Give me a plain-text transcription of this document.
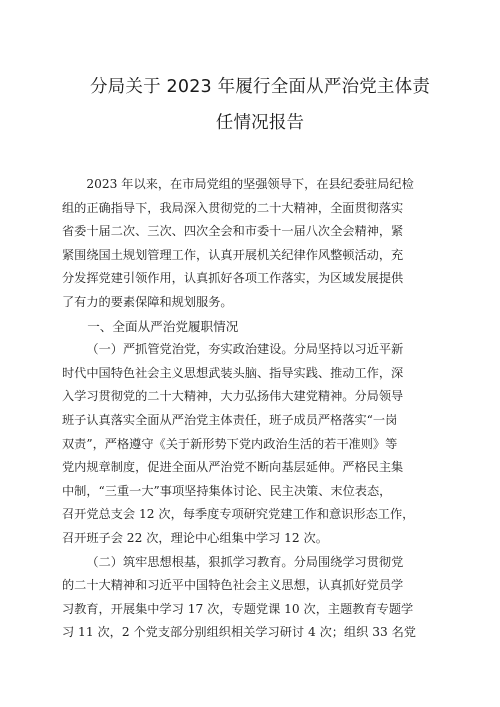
分局关于 2023 年履行全面从严治党主体责
任情况报告
2023 年以来，在市局党组的坚强领导下，在县纪委驻局纪检
组的正确指导下，我局深入贯彻党的二十大精神，全面贯彻落实
省委十届二次、三次、四次全会和市委十一届八次全会精神，紧
紧围绕国土规划管理工作，认真开展机关纪律作风整顿活动，充
分发挥党建引领作用，认真抓好各项工作落实，为区域发展提供
了有力的要素保障和规划服务。
一、全面从严治党履职情况
（一）严抓管党治党，夯实政治建设。分局坚持以习近平新
时代中国特色社会主义思想武装头脑、指导实践、推动工作，深
入学习贯彻党的二十大精神，大力弘扬伟大建党精神。分局领导
班子认真落实全面从严治党主体责任，班子成员严格落实“一岗
双责”，严格遵守《关于新形势下党内政治生活的若干准则》等
党内规章制度，促进全面从严治党不断向基层延伸。严格民主集
中制，“三重一大”事项坚持集体讨论、民主决策、末位表态，
召开党总支会 12 次，每季度专项研究党建工作和意识形态工作，
召开班子会 22 次，理论中心组集中学习 12 次。
（二）筑牢思想根基，狠抓学习教育。分局围绕学习贯彻党
的二十大精神和习近平中国特色社会主义思想，认真抓好党员学
习教育，开展集中学习 17 次，专题党课 10 次，主题教育专题学
习 11 次，2 个党支部分别组织相关学习研讨 4 次；组织 33 名党
